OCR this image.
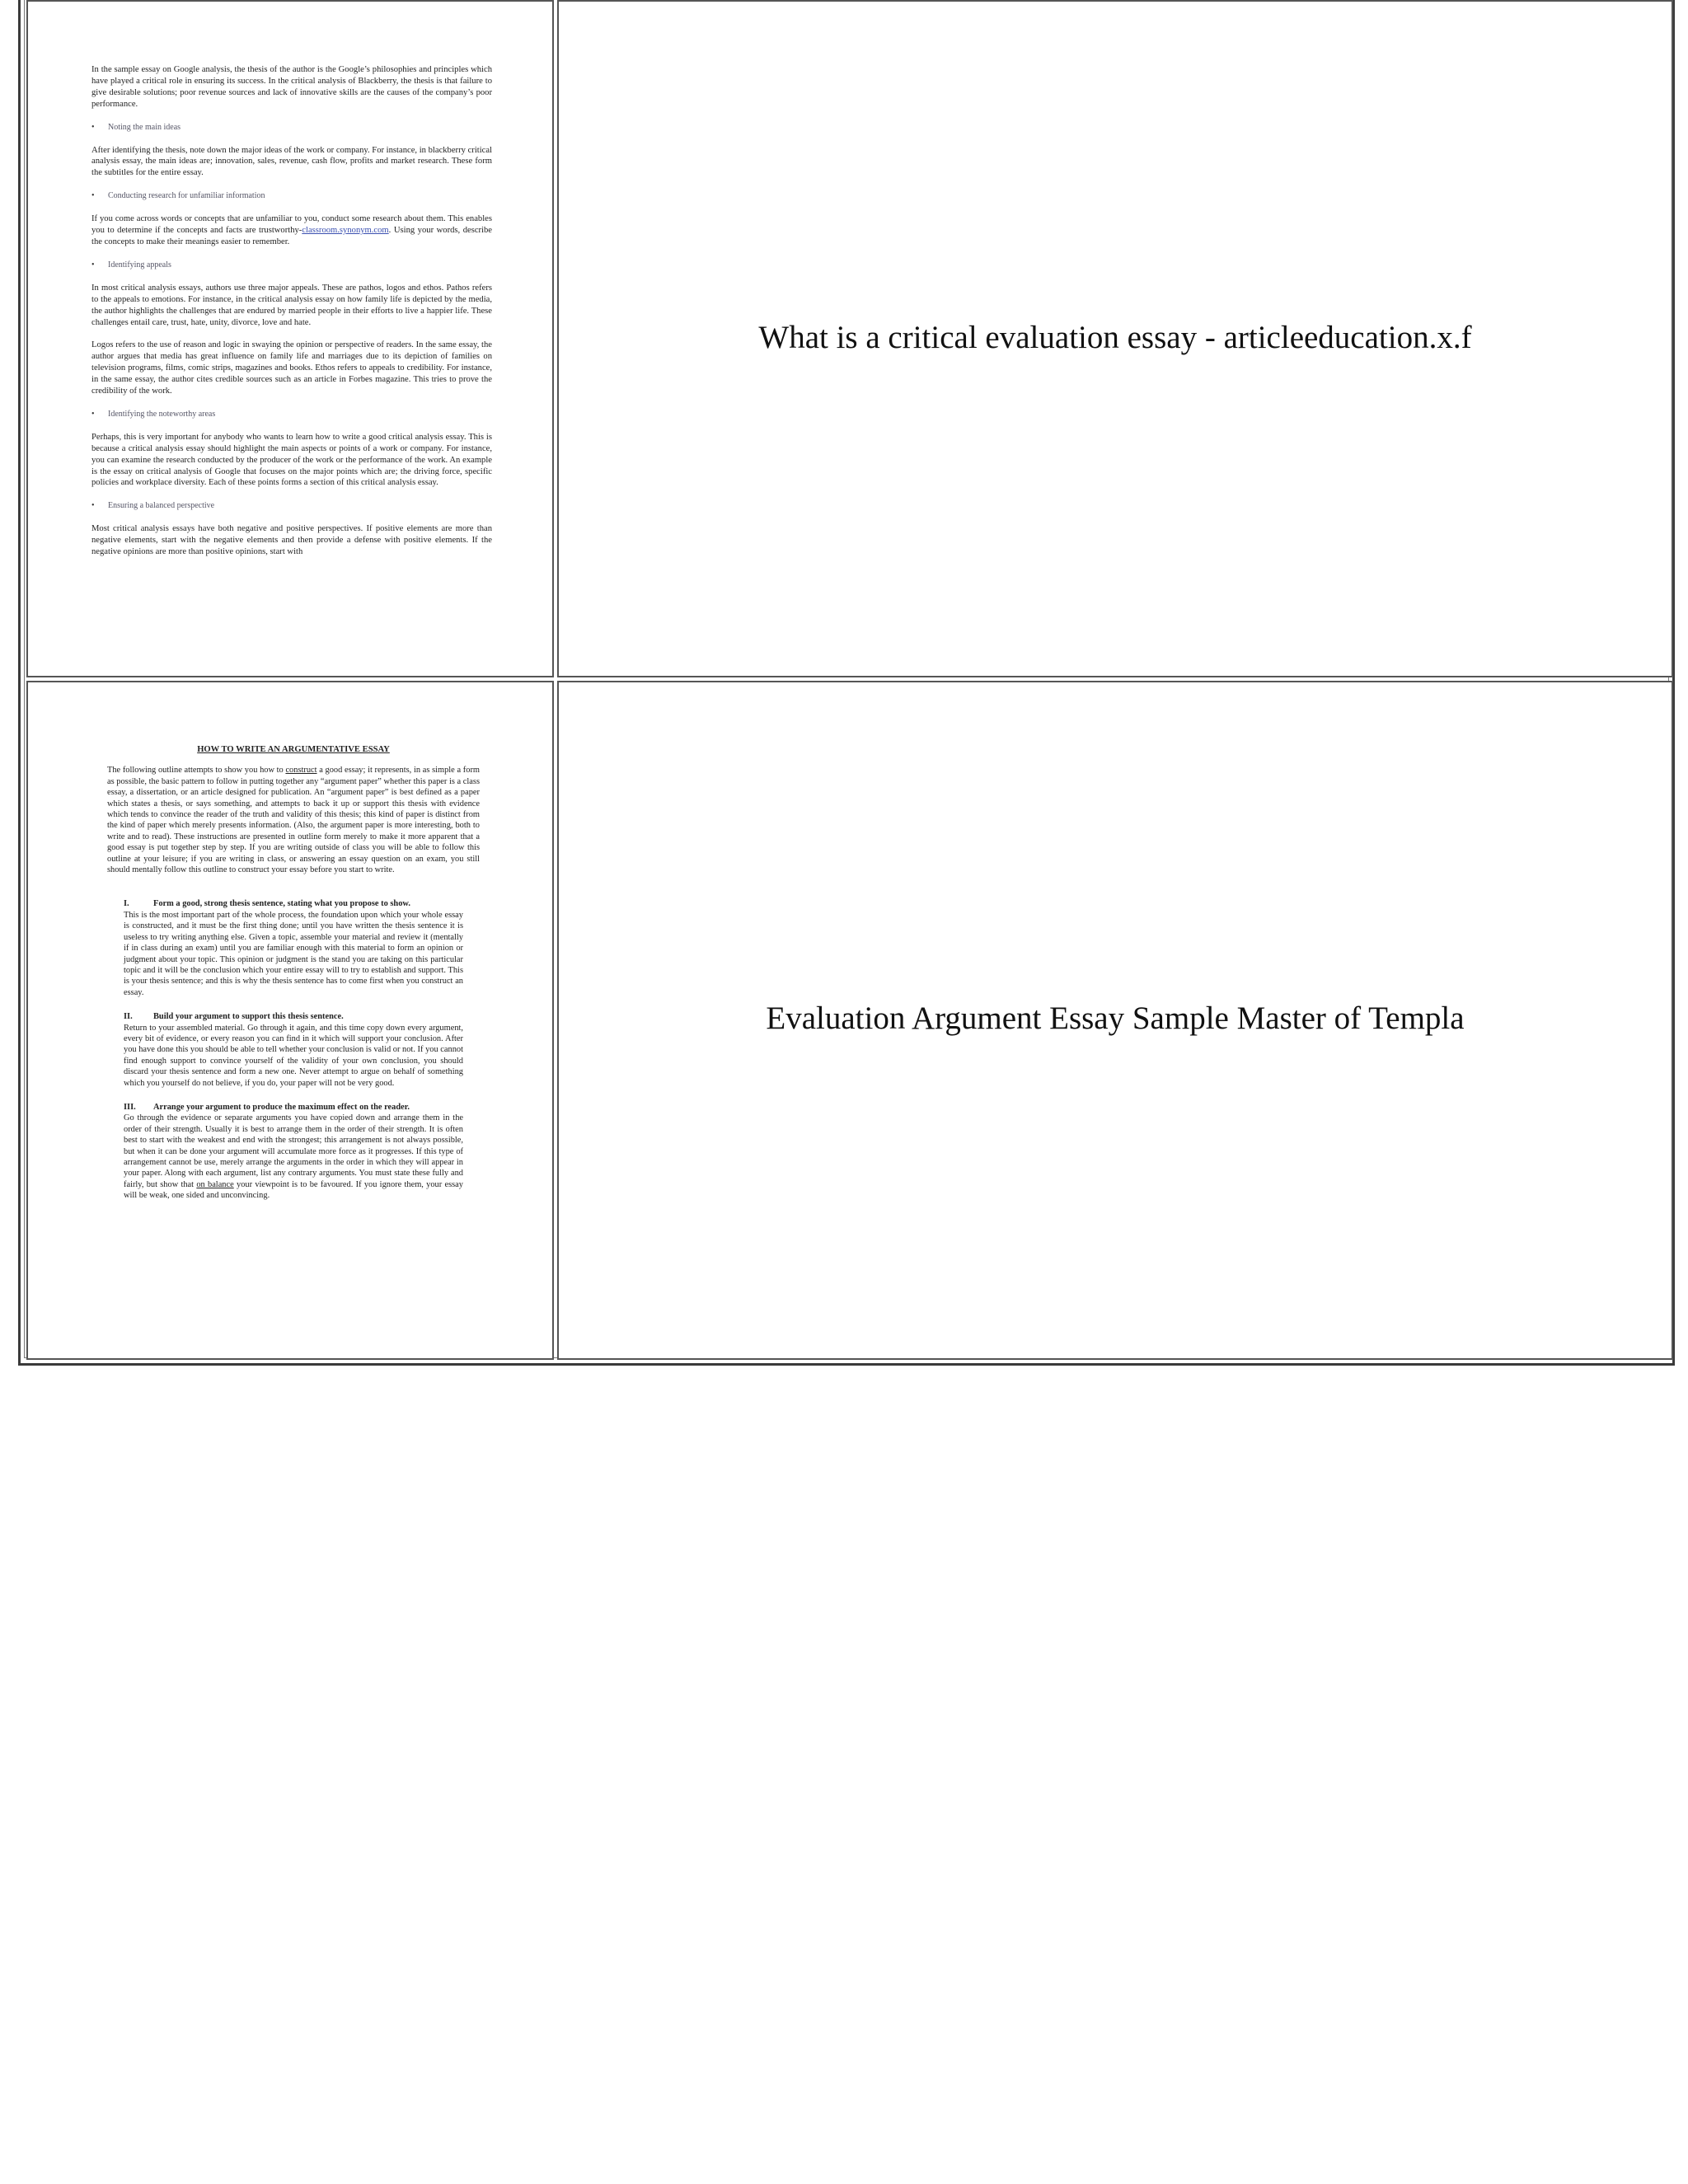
In the sample essay on Google analysis, the thesis of the author is the Google’s philosophies and principles which have played a critical role in ensuring its success. In the critical analysis of Blackberry, the thesis is that failure to give desirable solutions; poor revenue sources and lack of innovative skills are the causes of the company’s poor performance.

• Noting the main ideas

After identifying the thesis, note down the major ideas of the work or company. For instance, in blackberry critical analysis essay, the main ideas are; innovation, sales, revenue, cash flow, profits and market research. These form the subtitles for the entire essay.

• Conducting research for unfamiliar information

If you come across words or concepts that are unfamiliar to you, conduct some research about them. This enables you to determine if the concepts and facts are trustworthy-classroom.synonym.com. Using your words, describe the concepts to make their meanings easier to remember.

• Identifying appeals

In most critical analysis essays, authors use three major appeals. These are pathos, logos and ethos. Pathos refers to the appeals to emotions. For instance, in the critical analysis essay on how family life is depicted by the media, the author highlights the challenges that are endured by married people in their efforts to live a happier life. These challenges entail care, trust, hate, unity, divorce, love and hate.

Logos refers to the use of reason and logic in swaying the opinion or perspective of readers. In the same essay, the author argues that media has great influence on family life and marriages due to its depiction of families on television programs, films, comic strips, magazines and books. Ethos refers to appeals to credibility. For instance, in the same essay, the author cites credible sources such as an article in Forbes magazine. This tries to prove the credibility of the work.

• Identifying the noteworthy areas

Perhaps, this is very important for anybody who wants to learn how to write a good critical analysis essay. This is because a critical analysis essay should highlight the main aspects or points of a work or company. For instance, you can examine the research conducted by the producer of the work or the performance of the work. An example is the essay on critical analysis of Google that focuses on the major points which are; the driving force, specific policies and workplace diversity. Each of these points forms a section of this critical analysis essay.

• Ensuring a balanced perspective

Most critical analysis essays have both negative and positive perspectives. If positive elements are more than negative elements, start with the negative elements and then provide a defense with positive elements. If the negative opinions are more than positive opinions, start with

What is a critical evaluation essay - articleeducation.x.f
HOW TO WRITE AN ARGUMENTATIVE ESSAY

The following outline attempts to show you how to construct a good essay; it represents, in as simple a form as possible, the basic pattern to follow in putting together any “argument paper” whether this paper is a class essay, a dissertation, or an article designed for publication. An “argument paper” is best defined as a paper which states a thesis, or says something, and attempts to back it up or support this thesis with evidence which tends to convince the reader of the truth and validity of this thesis; this kind of paper is distinct from the kind of paper which merely presents information. (Also, the argument paper is more interesting, both to write and to read). These instructions are presented in outline form merely to make it more apparent that a good essay is put together step by step. If you are writing outside of class you will be able to follow this outline at your leisure; if you are writing in class, or answering an essay question on an exam, you still should mentally follow this outline to construct your essay before you start to write.

I.	Form a good, strong thesis sentence, stating what you propose to show.
This is the most important part of the whole process, the foundation upon which your whole essay is constructed, and it must be the first thing done; until you have written the thesis sentence it is useless to try writing anything else. Given a topic, assemble your material and review it (mentally if in class during an exam) until you are familiar enough with this material to form an opinion or judgment about your topic. This opinion or judgment is the stand you are taking on this particular topic and it will be the conclusion which your entire essay will to try to establish and support. This is your thesis sentence; and this is why the thesis sentence has to come first when you construct an essay.
II. Build your argument to support this thesis sentence.
Return to your assembled material. Go through it again, and this time copy down every argument, every bit of evidence, or every reason you can find in it which will support your conclusion. After you have done this you should be able to tell whether your conclusion is valid or not. If you cannot find enough support to convince yourself of the validity of your own conclusion, you should discard your thesis sentence and form a new one. Never attempt to argue on behalf of something which you yourself do not believe, if you do, your paper will not be very good.
III. Arrange your argument to produce the maximum effect on the reader.
Go through the evidence or separate arguments you have copied down and arrange them in the order of their strength. Usually it is best to arrange them in the order of their strength. It is often best to start with the weakest and end with the strongest; this arrangement is not always possible, but when it can be done your argument will accumulate more force as it progresses. If this type of arrangement cannot be use, merely arrange the arguments in the order in which they will appear in your paper. Along with each argument, list any contrary arguments. You must state these fully and fairly, but show that on balance your viewpoint is to be favoured. If you ignore them, your essay will be weak, one sided and unconvincing.
Evaluation Argument Essay Sample Master of Templa
